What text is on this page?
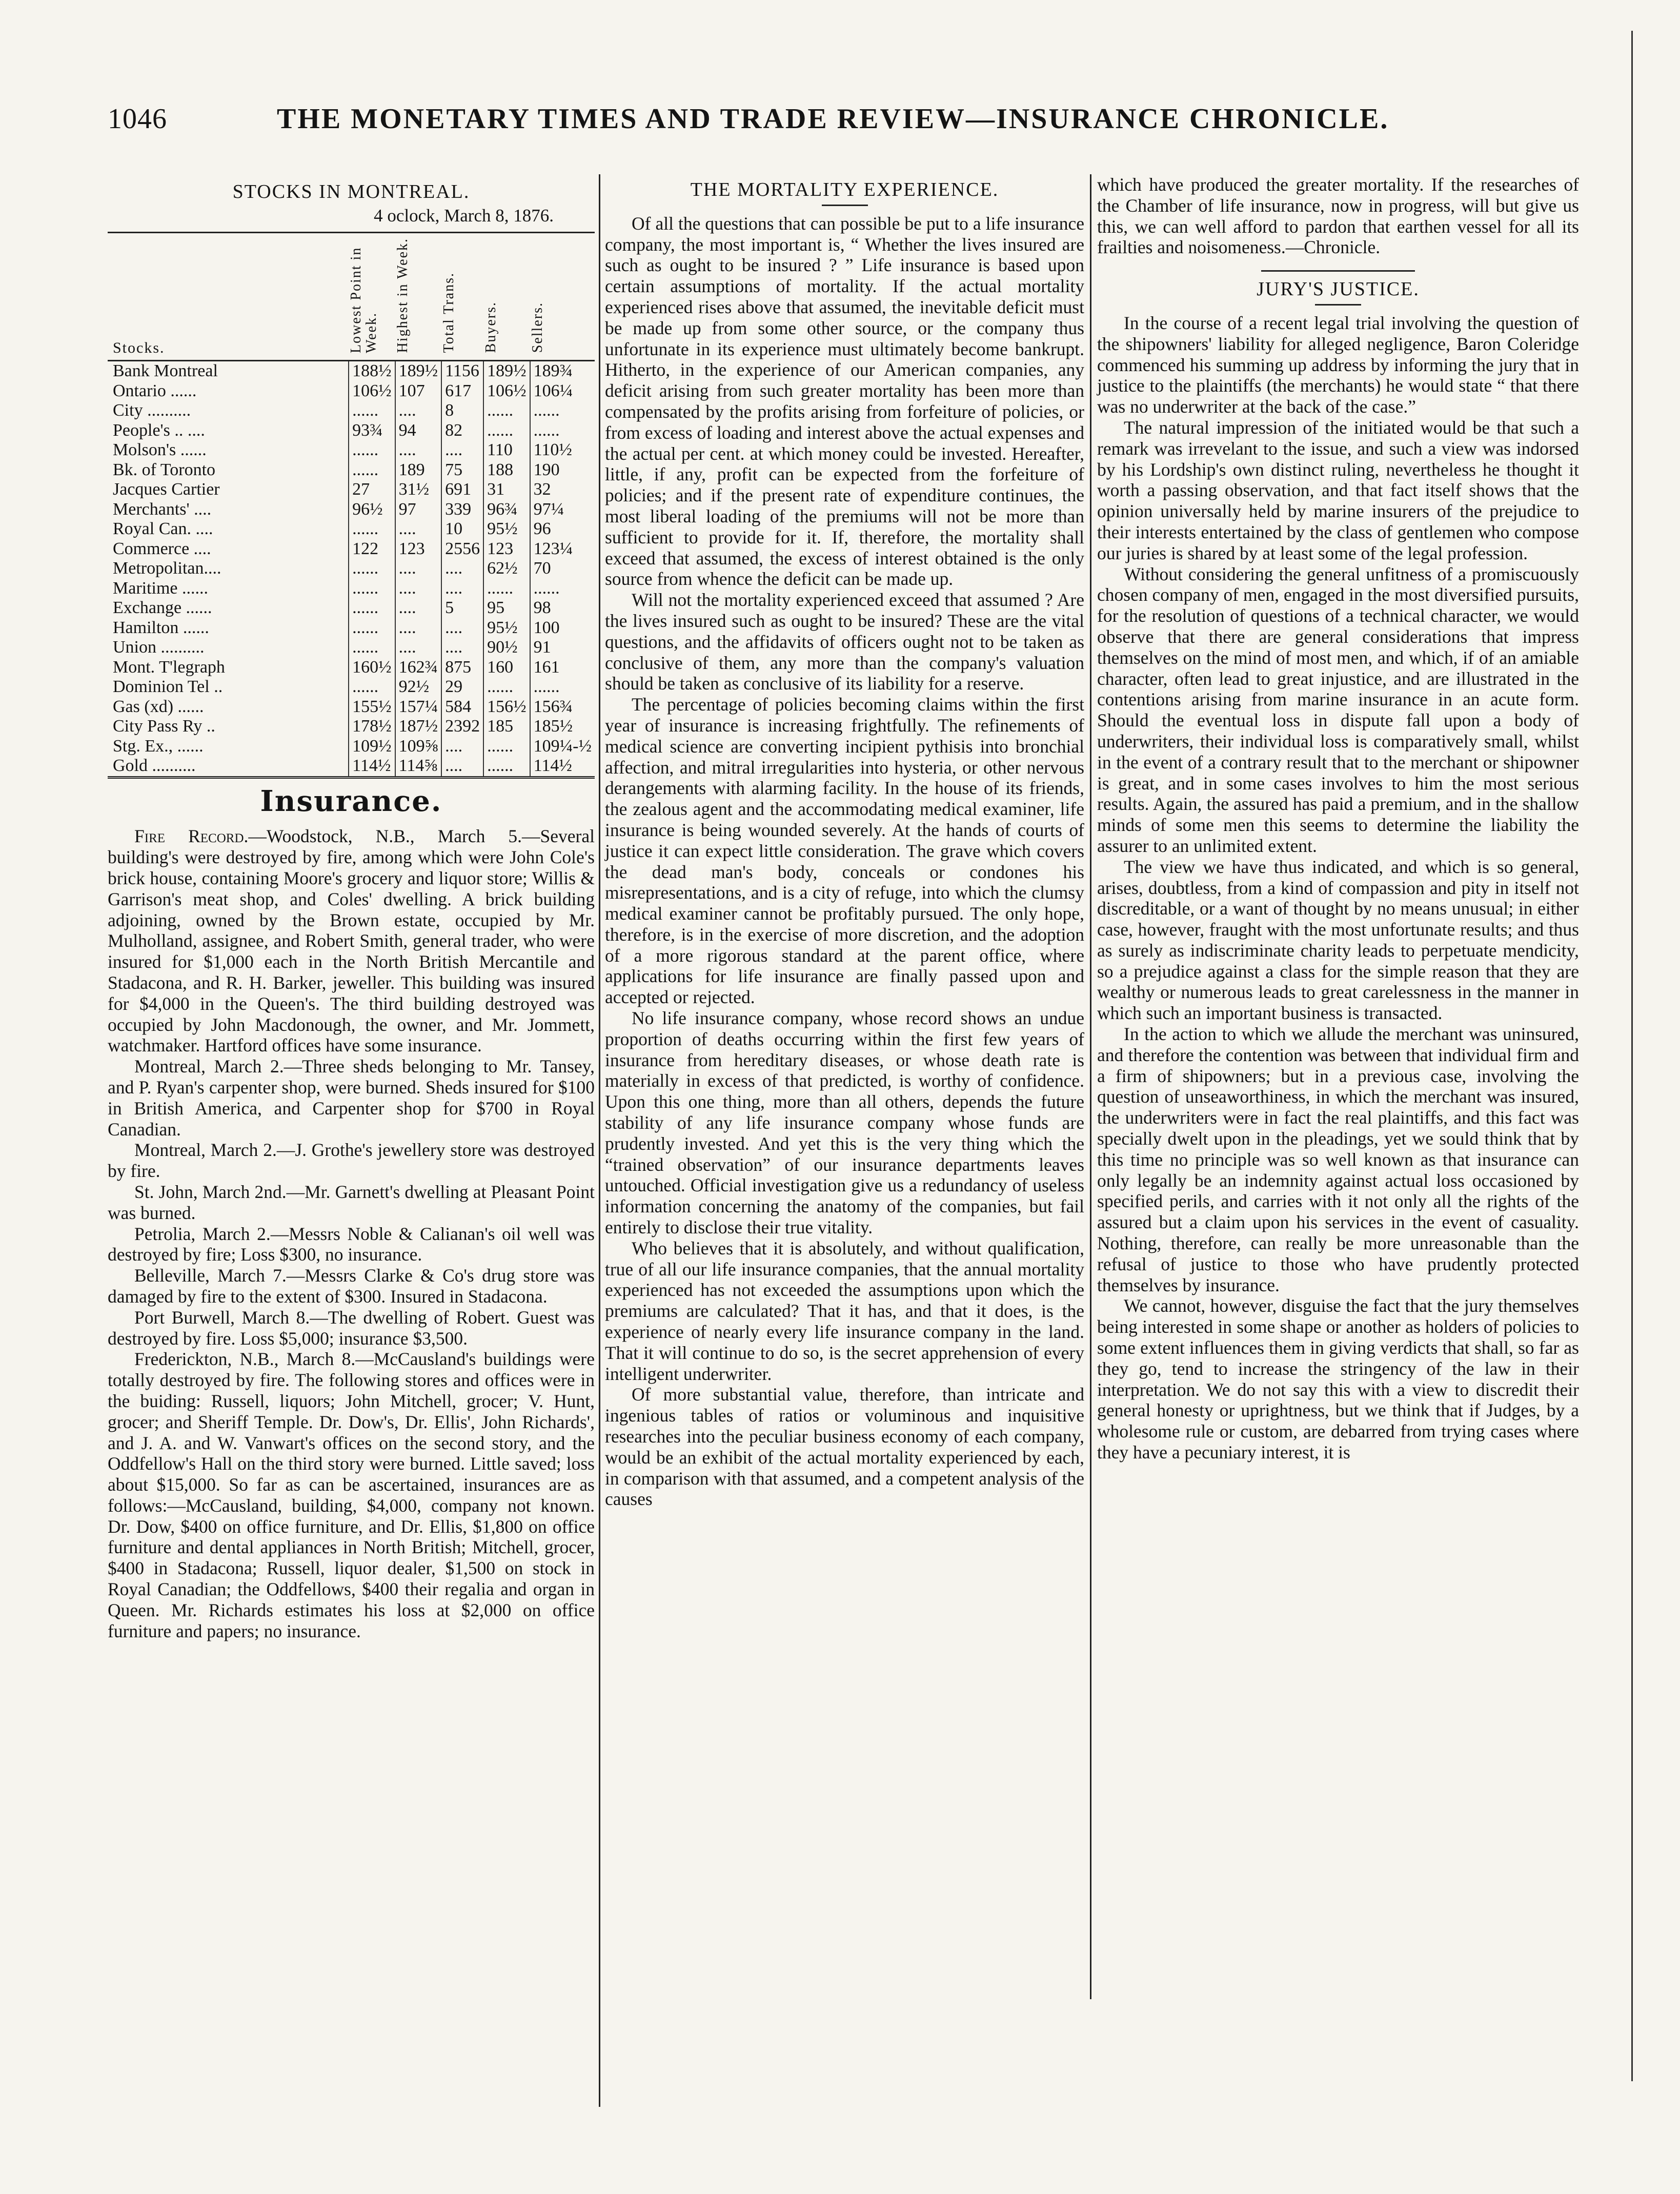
1046	THE MONETARY TIMES AND TRADE REVIEW—INSURANCE CHRONICLE.
STOCKS IN MONTREAL.
4 oclock, March 8, 1876.
Stocks.	Lowest Point in Week.	Highest in Week.	Total Trans.	Buyers.	Sellers.
Bank Montreal	188½	189½	1156	189½	189¾
Ontario ......	106½	107	617	106½	106¼
City ..........	......	....	8	......	......
People's .. ....	93¾	94	82	......	......
Molson's ......	......	....	....	110	110½
Bk. of Toronto	......	189	75	188	190
Jacques Cartier	27	31½	691	31	32
Merchants' ....	96½	97	339	96¾	97¼
Royal Can. ....	......	....	10	95½	96
Commerce ....	122	123	2556	123	123¼
Metropolitan....	......	....	....	62½	70
Maritime ......	......	....	....	......	......
Exchange ......	......	....	5	95	98
Hamilton ......	......	....	....	95½	100
Union ..........	......	....	....	90½	91
Mont. T'legraph	160½	162¾	875	160	161
Dominion Tel ..	......	92½	29	......	......
Gas (xd) ......	155½	157¼	584	156½	156¾
City Pass Ry ..	178½	187½	2392	185	185½
Stg. Ex., ......	109½	109⅝	....	......	109¼-½
Gold ..........	114½	114⅝	....	......	114½
Insurance.

Fire Record.—Woodstock, N.B., March 5.—Several building's were destroyed by fire, among which were John Cole's brick house, containing Moore's grocery and liquor store; Willis & Garrison's meat shop, and Coles' dwelling. A brick building adjoining, owned by the Brown estate, occupied by Mr. Mulholland, assignee, and Robert Smith, general trader, who were insured for $1,000 each in the North British Mercantile and Stadacona, and R. H. Barker, jeweller. This building was insured for $4,000 in the Queen's. The third building destroyed was occupied by John Macdonough, the owner, and Mr. Jommett, watchmaker. Hartford offices have some insurance.

Montreal, March 2.—Three sheds belonging to Mr. Tansey, and P. Ryan's carpenter shop, were burned. Sheds insured for $100 in British America, and Carpenter shop for $700 in Royal Canadian.

Montreal, March 2.—J. Grothe's jewellery store was destroyed by fire.

St. John, March 2nd.—Mr. Garnett's dwelling at Pleasant Point was burned.

Petrolia, March 2.—Messrs Noble & Calianan's oil well was destroyed by fire; Loss $300, no insurance.

Belleville, March 7.—Messrs Clarke & Co's drug store was damaged by fire to the extent of $300. Insured in Stadacona.

Port Burwell, March 8.—The dwelling of Robert. Guest was destroyed by fire. Loss $5,000; insurance $3,500.

Frederickton, N.B., March 8.—McCausland's buildings were totally destroyed by fire. The following stores and offices were in the buiding: Russell, liquors; John Mitchell, grocer; V. Hunt, grocer; and Sheriff Temple. Dr. Dow's, Dr. Ellis', John Richards', and J. A. and W. Vanwart's offices on the second story, and the Oddfellow's Hall on the third story were burned. Little saved; loss about $15,000. So far as can be ascertained, insurances are as follows:—McCausland, building, $4,000, company not known. Dr. Dow, $400 on office furniture, and Dr. Ellis, $1,800 on office furniture and dental appliances in North British; Mitchell, grocer, $400 in Stadacona; Russell, liquor dealer, $1,500 on stock in Royal Canadian; the Oddfellows, $400 their regalia and organ in Queen. Mr. Richards estimates his loss at $2,000 on office furniture and papers; no insurance.

THE MORTALITY EXPERIENCE.

Of all the questions that can possible be put to a life insurance company, the most important is, “ Whether the lives insured are such as ought to be insured ? ” Life insurance is based upon certain assumptions of mortality. If the actual mortality experienced rises above that assumed, the inevitable deficit must be made up from some other source, or the company thus unfortunate in its experience must ultimately become bankrupt. Hitherto, in the experience of our American companies, any deficit arising from such greater mortality has been more than compensated by the profits arising from forfeiture of policies, or from excess of loading and interest above the actual expenses and the actual per cent. at which money could be invested. Hereafter, little, if any, profit can be expected from the forfeiture of policies; and if the present rate of expenditure continues, the most liberal loading of the premiums will not be more than sufficient to provide for it. If, therefore, the mortality shall exceed that assumed, the excess of interest obtained is the only source from whence the deficit can be made up.

Will not the mortality experienced exceed that assumed ? Are the lives insured such as ought to be insured? These are the vital questions, and the affidavits of officers ought not to be taken as conclusive of them, any more than the company's valuation should be taken as conclusive of its liability for a reserve.

The percentage of policies becoming claims within the first year of insurance is increasing frightfully. The refinements of medical science are converting incipient pythisis into bronchial affection, and mitral irregularities into hysteria, or other nervous derangements with alarming facility. In the house of its friends, the zealous agent and the accommodating medical examiner, life insurance is being wounded severely. At the hands of courts of justice it can expect little consideration. The grave which covers the dead man's body, conceals or condones his misrepresentations, and is a city of refuge, into which the clumsy medical examiner cannot be profitably pursued. The only hope, therefore, is in the exercise of more discretion, and the adoption of a more rigorous standard at the parent office, where applications for life insurance are finally passed upon and accepted or rejected.

No life insurance company, whose record shows an undue proportion of deaths occurring within the first few years of insurance from hereditary diseases, or whose death rate is materially in excess of that predicted, is worthy of confidence. Upon this one thing, more than all others, depends the future stability of any life insurance company whose funds are prudently invested. And yet this is the very thing which the “trained observation” of our insurance departments leaves untouched. Official investigation give us a redundancy of useless information concerning the anatomy of the companies, but fail entirely to disclose their true vitality.

Who believes that it is absolutely, and without qualification, true of all our life insurance companies, that the annual mortality experienced has not exceeded the assumptions upon which the premiums are calculated? That it has, and that it does, is the experience of nearly every life insurance company in the land. That it will continue to do so, is the secret apprehension of every intelligent underwriter.

Of more substantial value, therefore, than intricate and ingenious tables of ratios or voluminous and inquisitive researches into the peculiar business economy of each company, would be an exhibit of the actual mortality experienced by each, in comparison with that assumed, and a competent analysis of the causes

which have produced the greater mortality. If the researches of the Chamber of life insurance, now in progress, will but give us this, we can well afford to pardon that earthen vessel for all its frailties and noisomeness.—Chronicle.

JURY'S JUSTICE.

In the course of a recent legal trial involving the question of the shipowners' liability for alleged negligence, Baron Coleridge commenced his summing up address by informing the jury that in justice to the plaintiffs (the merchants) he would state “ that there was no underwriter at the back of the case.”

The natural impression of the initiated would be that such a remark was irrevelant to the issue, and such a view was indorsed by his Lordship's own distinct ruling, nevertheless he thought it worth a passing observation, and that fact itself shows that the opinion universally held by marine insurers of the prejudice to their interests entertained by the class of gentlemen who compose our juries is shared by at least some of the legal profession.

Without considering the general unfitness of a promiscuously chosen company of men, engaged in the most diversified pursuits, for the resolution of questions of a technical character, we would observe that there are general considerations that impress themselves on the mind of most men, and which, if of an amiable character, often lead to great injustice, and are illustrated in the contentions arising from marine insurance in an acute form. Should the eventual loss in dispute fall upon a body of underwriters, their individual loss is comparatively small, whilst in the event of a contrary result that to the merchant or shipowner is great, and in some cases involves to him the most serious results. Again, the assured has paid a premium, and in the shallow minds of some men this seems to determine the liability the assurer to an unlimited extent.

The view we have thus indicated, and which is so general, arises, doubtless, from a kind of compassion and pity in itself not discreditable, or a want of thought by no means unusual; in either case, however, fraught with the most unfortunate results; and thus as surely as indiscriminate charity leads to perpetuate mendicity, so a prejudice against a class for the simple reason that they are wealthy or numerous leads to great carelessness in the manner in which such an important business is transacted.

In the action to which we allude the merchant was uninsured, and therefore the contention was between that individual firm and a firm of shipowners; but in a previous case, involving the question of unseaworthiness, in which the merchant was insured, the underwriters were in fact the real plaintiffs, and this fact was specially dwelt upon in the pleadings, yet we sould think that by this time no principle was so well known as that insurance can only legally be an indemnity against actual loss occasioned by specified perils, and carries with it not only all the rights of the assured but a claim upon his services in the event of casuality. Nothing, therefore, can really be more unreasonable than the refusal of justice to those who have prudently protected themselves by insurance.

We cannot, however, disguise the fact that the jury themselves being interested in some shape or another as holders of policies to some extent influences them in giving verdicts that shall, so far as they go, tend to increase the stringency of the law in their interpretation. We do not say this with a view to discredit their general honesty or uprightness, but we think that if Judges, by a wholesome rule or custom, are debarred from trying cases where they have a pecuniary interest, it is
